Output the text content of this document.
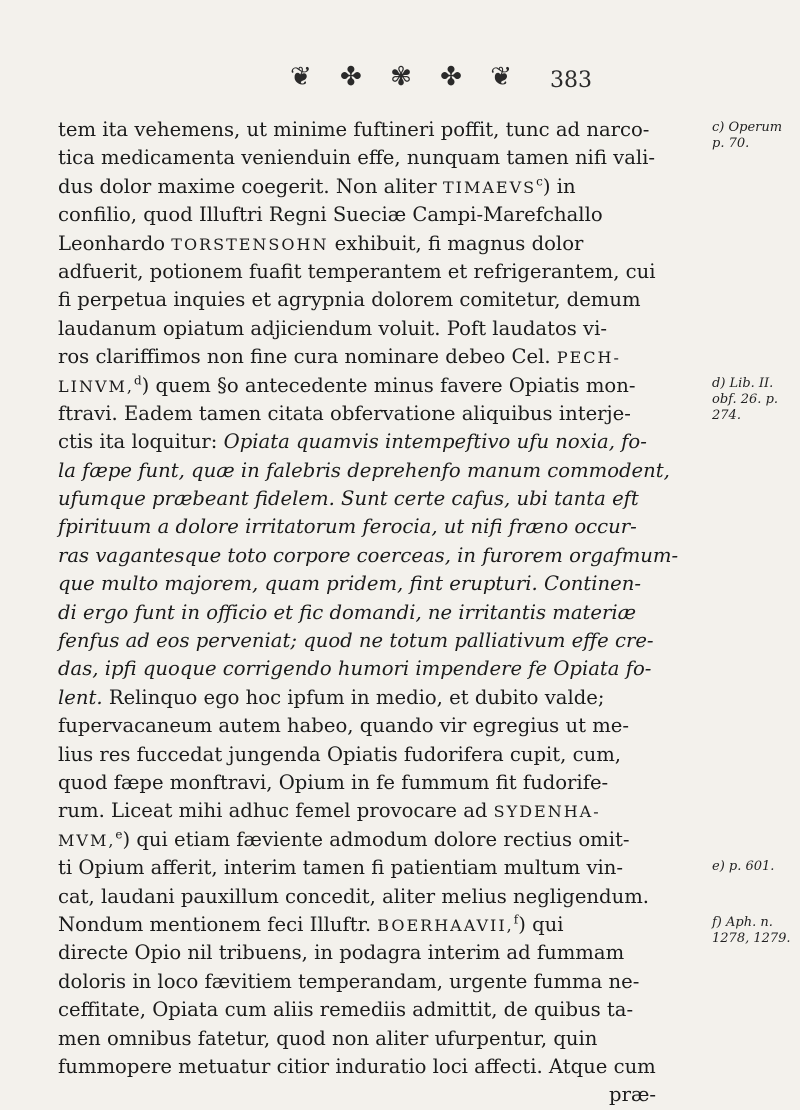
❦ ✤ ✾ ✤ ❦ 383
tem ita vehemens, ut minime fuftineri poffit, tunc ad narco-
tica medicamenta venienduin effe, nunquam tamen nifi vali-
dus dolor maxime coegerit. Non aliter TIMAEVS$^c$) in
confilio, quod Illuftri Regni Sueciæ Campi-Marefchallo
Leonhardo TORSTENSOHN exhibuit, fi magnus dolor
adfuerit, potionem fuafit temperantem et refrigerantem, cui
fi perpetua inquies et agrypnia dolorem comitetur, demum
laudanum opiatum adjiciendum voluit. Poft laudatos vi-
ros clariffimos non fine cura nominare debeo Cel. PECH-
LINVM,$^d$) quem §o antecedente minus favere Opiatis mon-
ftravi. Eadem tamen citata obfervatione aliquibus interje-
ctis ita loquitur: Opiata quamvis intempeftivo ufu noxia, fo-
la fæpe funt, quæ in falebris deprehenfo manum commodent,
ufumque præbeant fidelem. Sunt certe cafus, ubi tanta eft
fpirituum a dolore irritatorum ferocia, ut nifi fræno occur-
ras vagantesque toto corpore coerceas, in furorem orgafmum-
que multo majorem, quam pridem, fint erupturi. Continen-
di ergo funt in officio et fic domandi, ne irritantis materiæ
fenfus ad eos perveniat; quod ne totum palliativum effe cre-
das, ipfi quoque corrigendo humori impendere fe Opiata fo-
lent. Relinquo ego hoc ipfum in medio, et dubito valde;
fupervacaneum autem habeo, quando vir egregius ut me-
lius res fuccedat jungenda Opiatis fudorifera cupit, cum,
quod fæpe monftravi, Opium in fe fummum fit fudorife-
rum. Liceat mihi adhuc femel provocare ad SYDENHA-
MVM,$^e$) qui etiam fæviente admodum dolore rectius omit-
ti Opium afferit, interim tamen fi patientiam multum vin-
cat, laudani pauxillum concedit, aliter melius negligendum.
Nondum mentionem feci Illuftr. BOERHAAVII,$^f$) qui
directe Opio nil tribuens, in podagra interim ad fummam
doloris in loco fævitiem temperandam, urgente fumma ne-
ceffitate, Opiata cum aliis remediis admittit, de quibus ta-
men omnibus fatetur, quod non aliter ufurpentur, quin
fummopere metuatur citior induratio loci affecti. Atque cum
præ-
c) Operum p. 70.
d) Lib. II. obf. 26. p. 274.
e) p. 601.
f) Aph. n. 1278, 1279.
